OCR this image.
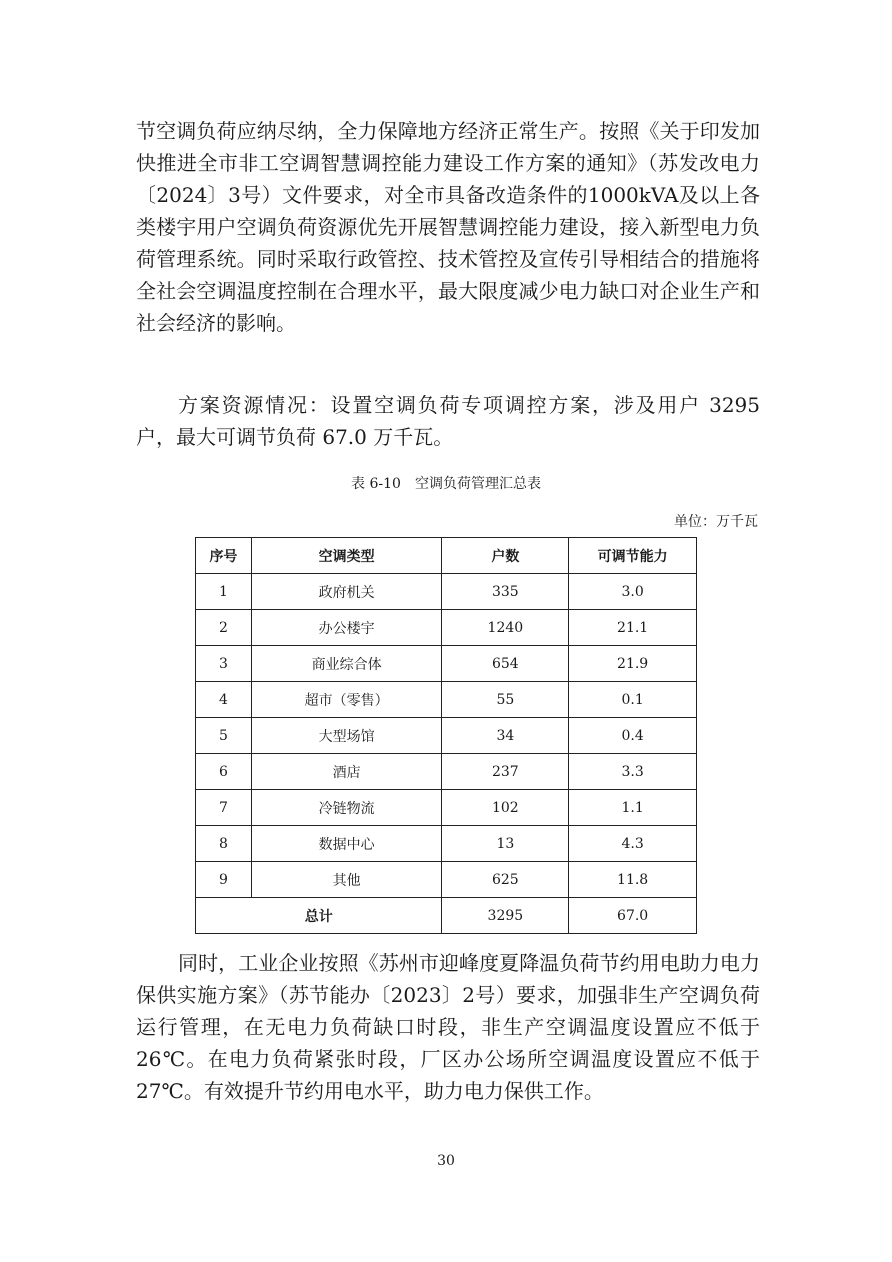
节空调负荷应纳尽纳，全力保障地方经济正常生产。按照《关于印发加快推进全市非工空调智慧调控能力建设工作方案的通知》（苏发改电力〔2024〕3号）文件要求，对全市具备改造条件的1000kVA及以上各类楼宇用户空调负荷资源优先开展智慧调控能力建设，接入新型电力负荷管理系统。同时采取行政管控、技术管控及宣传引导相结合的措施将全社会空调温度控制在合理水平，最大限度减少电力缺口对企业生产和社会经济的影响。

方案资源情况：设置空调负荷专项调控方案，涉及用户 3295 户，最大可调节负荷 67.0 万千瓦。

表 6-10　空调负荷管理汇总表
单位：万千瓦
序号	空调类型	户数	可调节能力
1	政府机关	335	3.0
2	办公楼宇	1240	21.1
3	商业综合体	654	21.9
4	超市（零售）	55	0.1
5	大型场馆	34	0.4
6	酒店	237	3.3
7	冷链物流	102	1.1
8	数据中心	13	4.3
9	其他	625	11.8
总计		3295	67.0

同时，工业企业按照《苏州市迎峰度夏降温负荷节约用电助力电力保供实施方案》（苏节能办〔2023〕2号）要求，加强非生产空调负荷运行管理，在无电力负荷缺口时段，非生产空调温度设置应不低于 26℃。在电力负荷紧张时段，厂区办公场所空调温度设置应不低于 27℃。有效提升节约用电水平，助力电力保供工作。

30
